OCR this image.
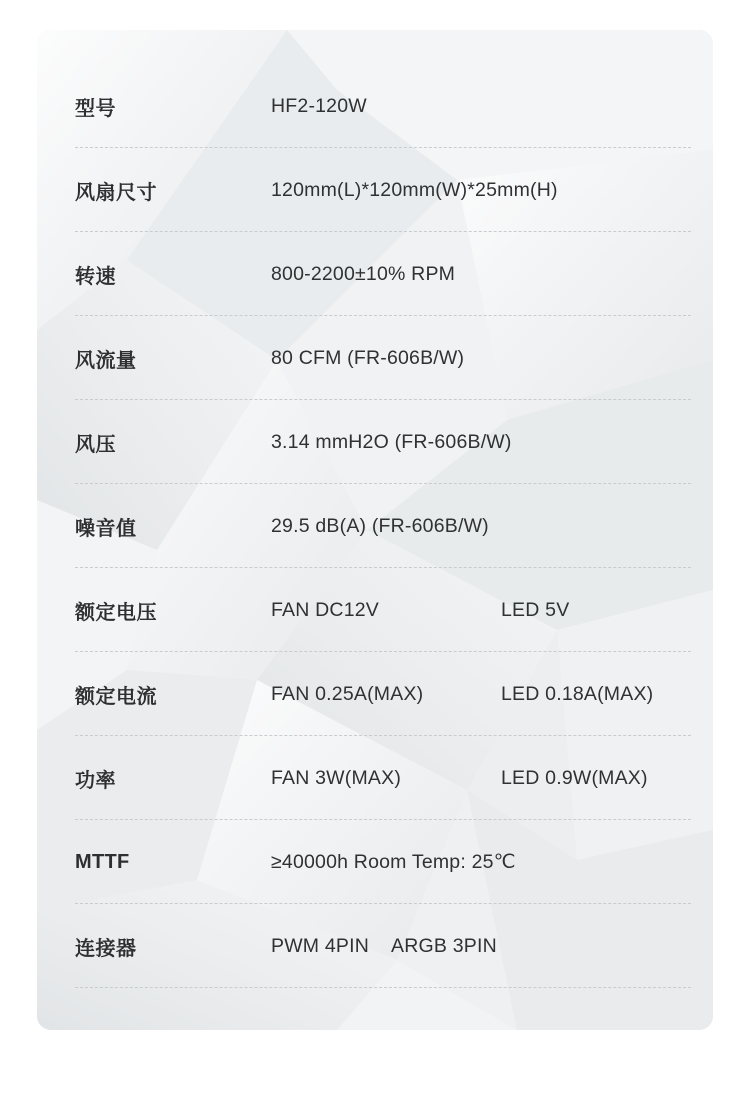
型号	HF2-120W
风扇尺寸	120mm(L)*120mm(W)*25mm(H)
转速	800-2200±10% RPM
风流量	80 CFM (FR-606B/W)
风压	3.14 mmH2O (FR-606B/W)
噪音值	29.5 dB(A) (FR-606B/W)
额定电压	FAN DC12V	LED 5V
额定电流	FAN 0.25A(MAX)	LED 0.18A(MAX)
功率	FAN 3W(MAX)	LED 0.9W(MAX)
MTTF	≥40000h Room Temp: 25℃
连接器	PWM 4PIN ARGB 3PIN
